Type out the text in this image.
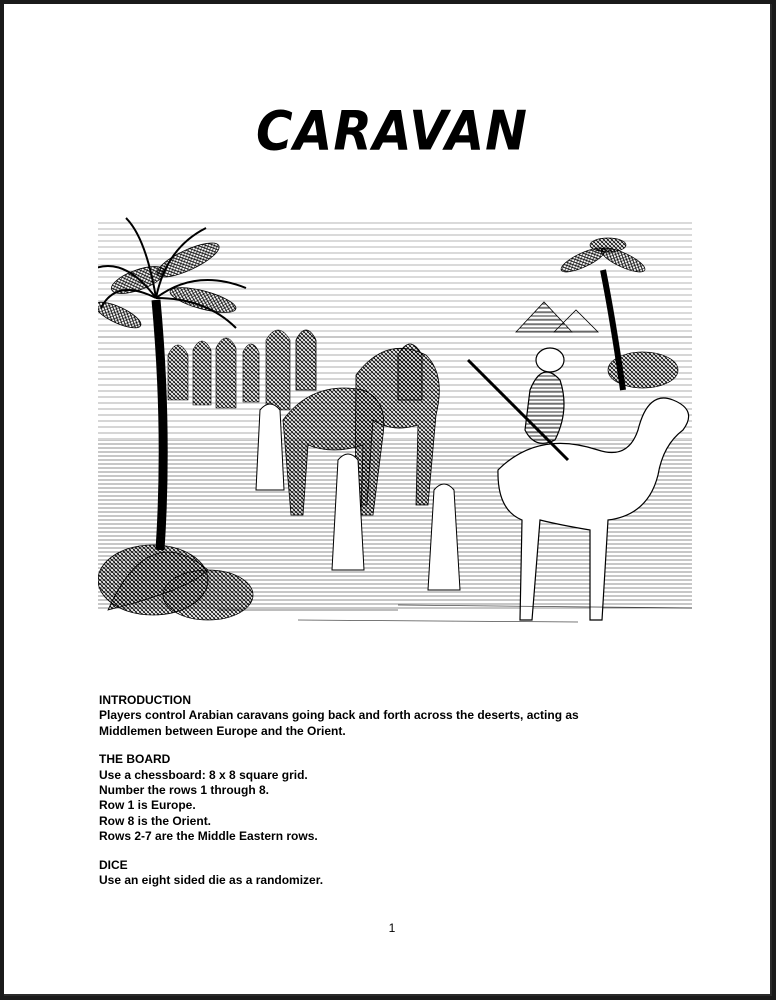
CARAVAN
INTRODUCTION
Players control Arabian caravans going back and forth across the deserts, acting as
Middlemen between Europe and the Orient.
THE BOARD
Use a chessboard: 8 x 8 square grid.
Number the rows 1 through 8.
Row 1 is Europe.
Row 8 is the Orient.
Rows 2-7 are the Middle Eastern rows.
DICE
Use an eight sided die as a randomizer.
1
